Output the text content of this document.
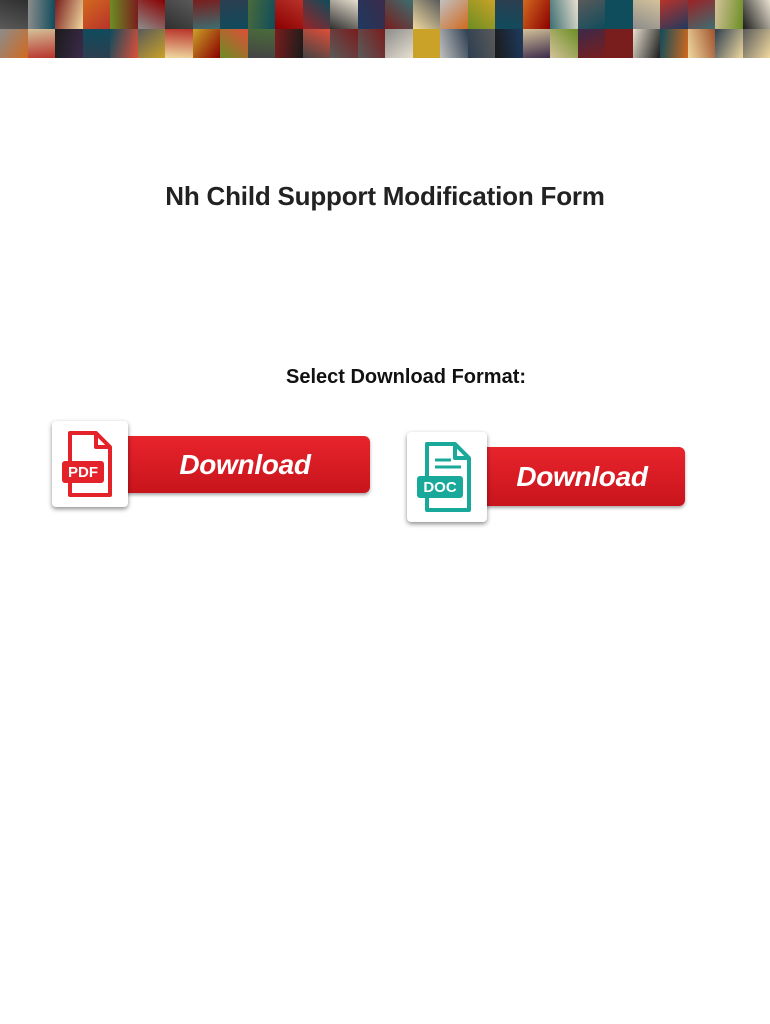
Nh Child Support Modification Form
Select Download Format:
Download
PDF	Download
DOC
